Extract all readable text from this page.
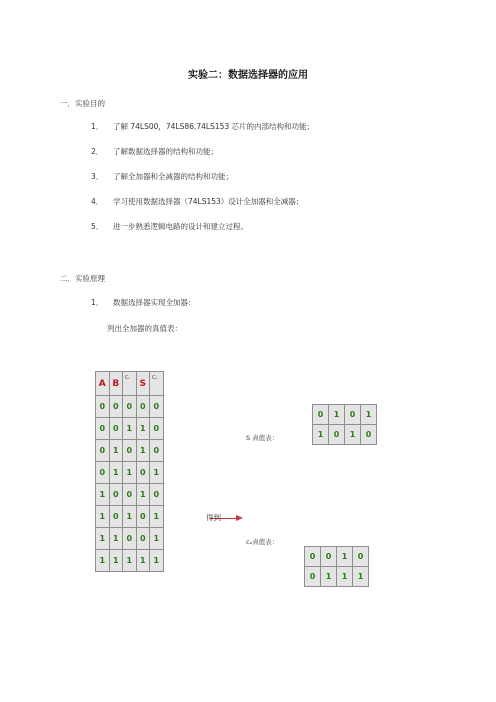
实验二：数据选择器的应用
一．实验目的
1． 了解 74LS00，74LS86,74LS153 芯片的内部结构和功能；
2． 了解数据选择器的结构和功能；
3． 了解全加器和全减器的结构和功能；
4． 学习使用数据选择器（74LS153）设计全加器和全减器；
5． 进一步熟悉逻辑电路的设计和建立过程。
二．实验原理
1． 数据选择器实现全加器：
列出全加器的真值表：
A	B	Cᵢ	S	Cₒ

0	0	0	0	0
0	0	1	1	0
0	1	0	1	0
0	1	1	0	1
1	0	0	1	0
1	0	1	0	1
1	1	0	0	1
1	1	1	1	1
得到
S 真值表：
0	1	0	1
1	0	1	0
cₒ真值表：
0	0	1	0
0	1	1	1
